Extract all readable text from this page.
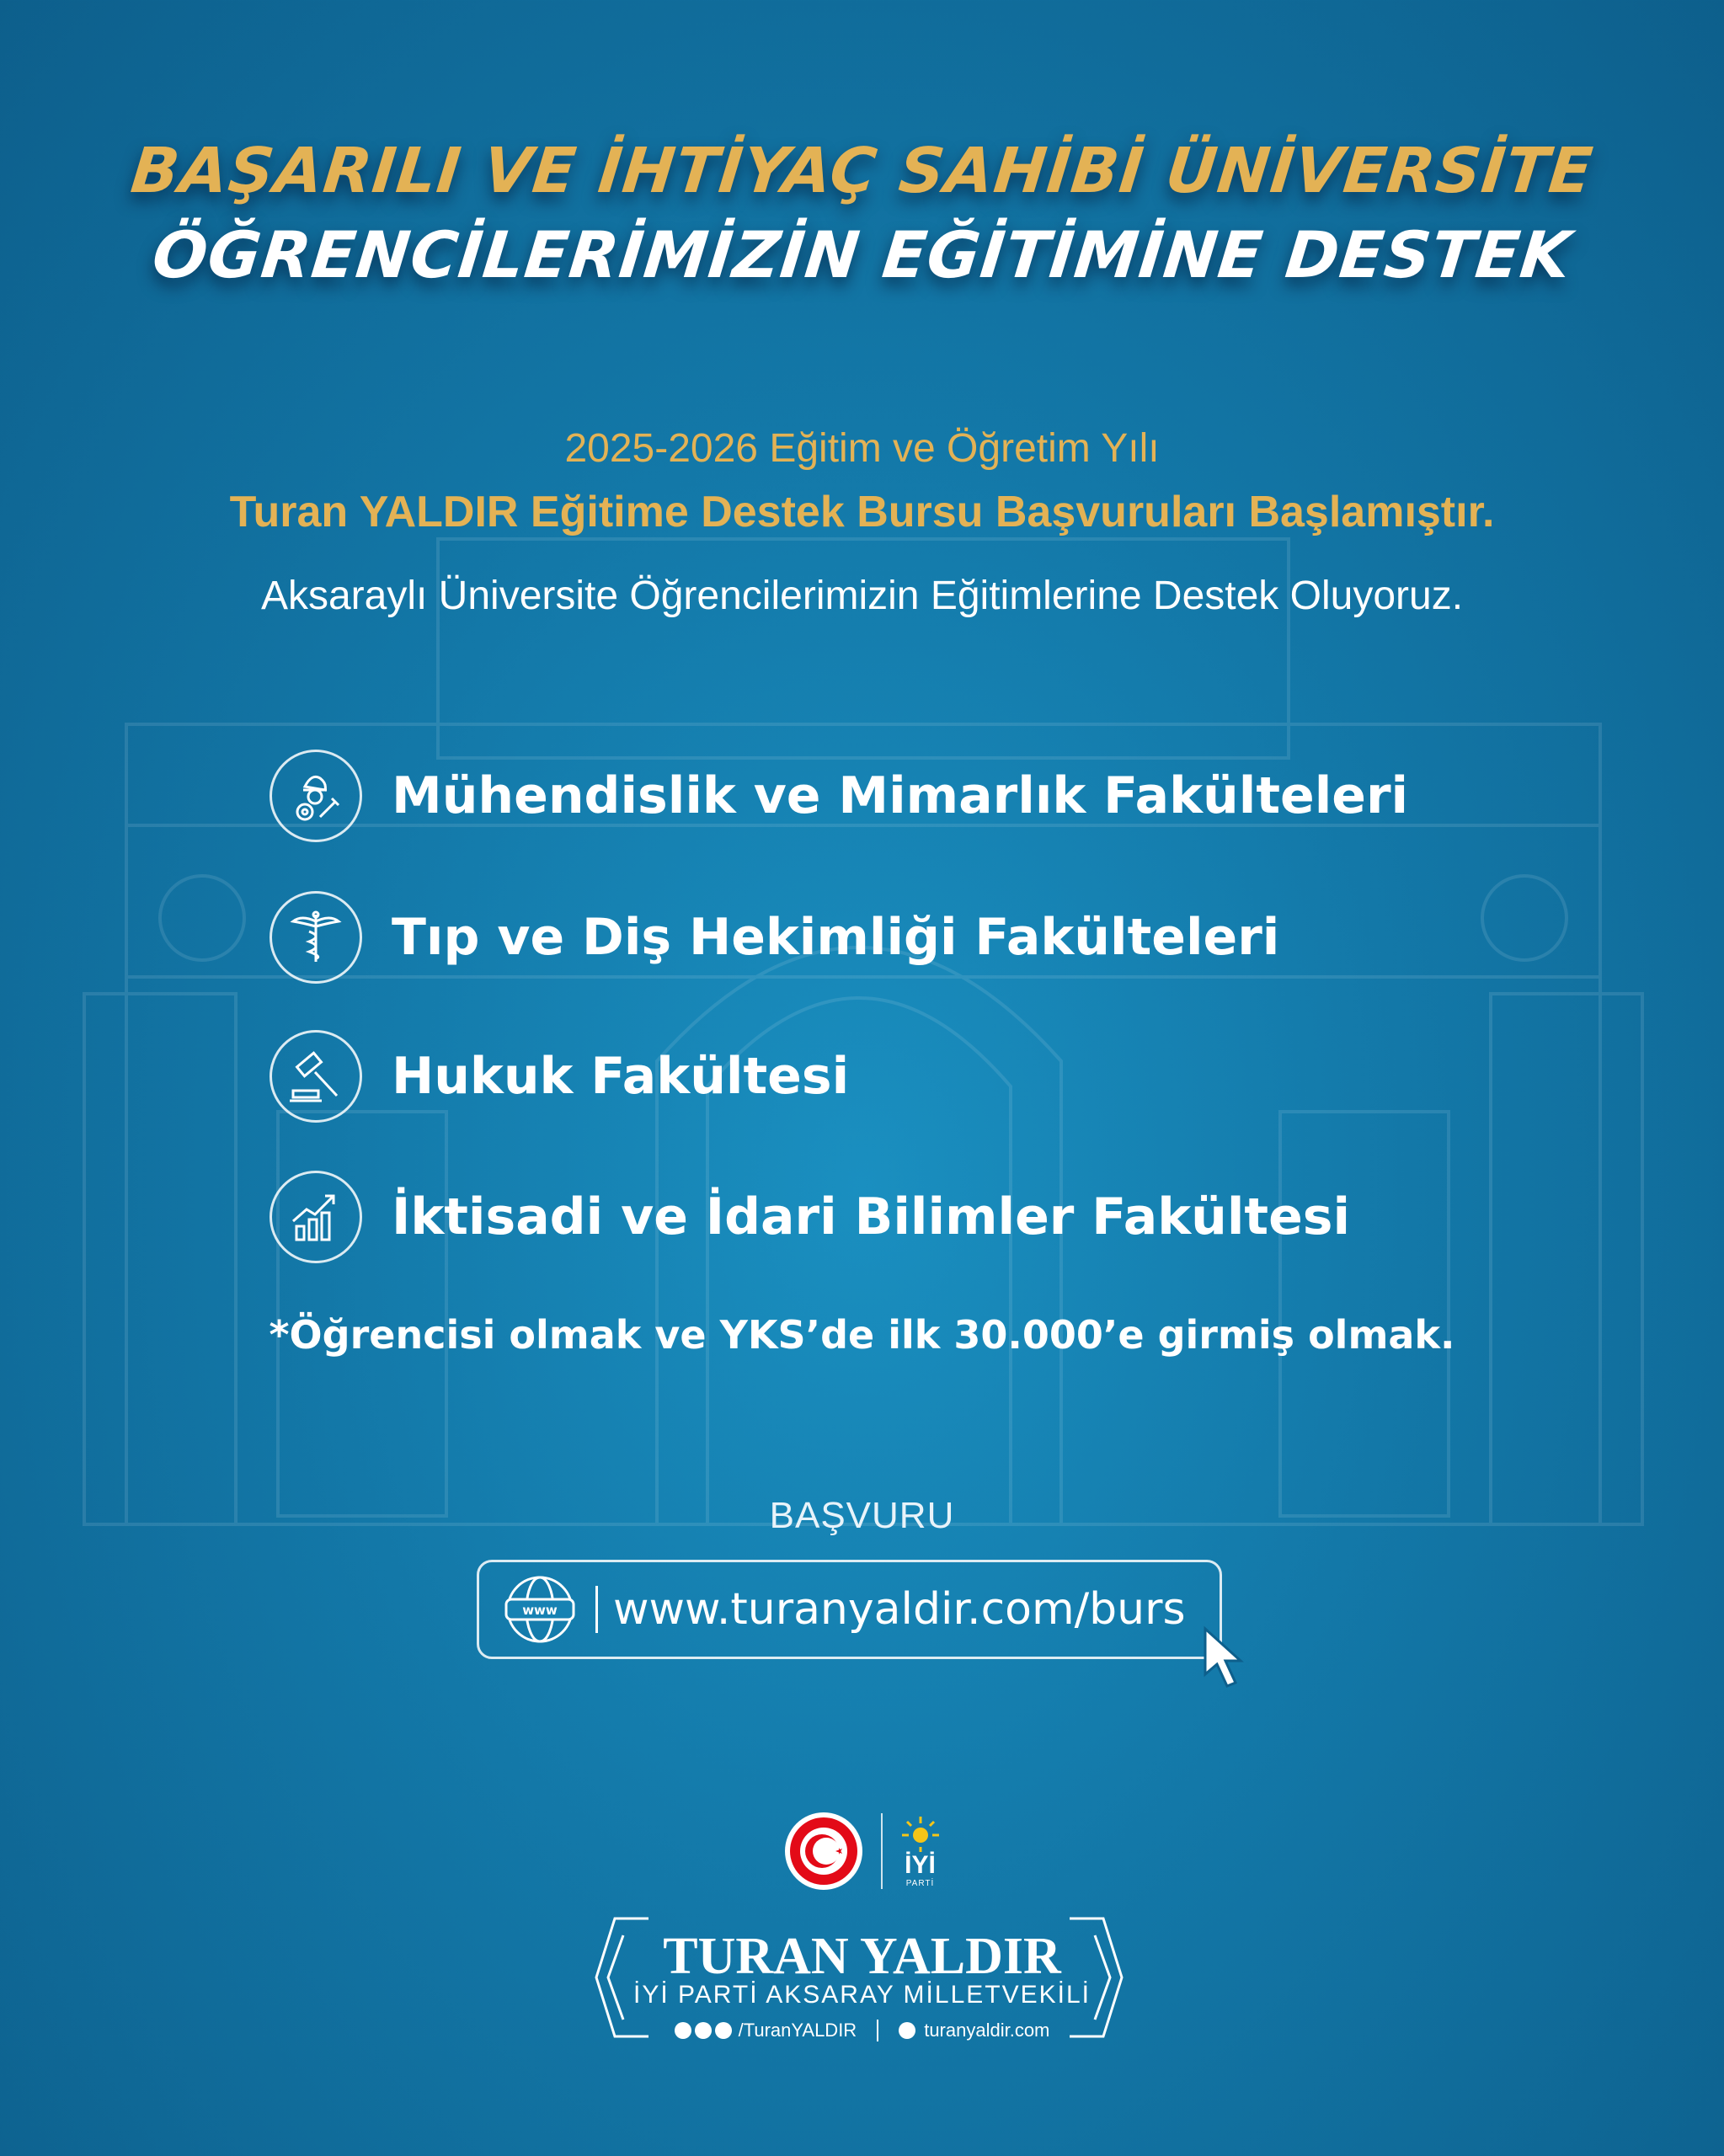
BAŞARILI VE İHTİYAÇ SAHİBİ ÜNİVERSİTE
ÖĞRENCİLERİMİZİN EĞİTİMİNE DESTEK
2025-2026 Eğitim ve Öğretim Yılı
Turan YALDIR Eğitime Destek Bursu Başvuruları Başlamıştır.
Aksaraylı Üniversite Öğrencilerimizin Eğitimlerine Destek Oluyoruz.
Mühendislik ve Mimarlık Fakülteleri
Tıp ve Diş Hekimliği Fakülteleri
Hukuk Fakültesi
İktisadi ve İdari Bilimler Fakültesi
*Öğrencisi olmak ve YKS’de ilk 30.000’e girmiş olmak.
BAŞVURU
www www.turanyaldir.com/burs
İYİ
PARTİ
TURAN YALDIR
İYİ PARTİ AKSARAY MİLLETVEKİLİ
/TuranYALDIR	turanyaldir.com
